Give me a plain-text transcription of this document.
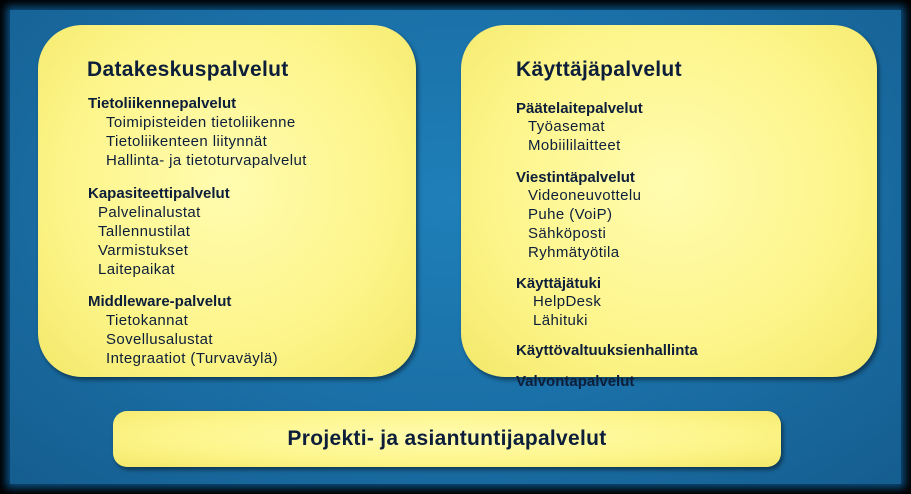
Datakeskuspalvelut
Tietoliikennepalvelut
Toimipisteiden tietoliikenne
Tietoliikenteen liitynnät
Hallinta- ja tietoturvapalvelut
Kapasiteettipalvelut
Palvelinalustat
Tallennustilat
Varmistukset
Laitepaikat
Middleware-palvelut
Tietokannat
Sovellusalustat
Integraatiot (Turvaväylä)
Käyttäjäpalvelut
Päätelaitepalvelut
Työasemat
Mobiililaitteet
Viestintäpalvelut
Videoneuvottelu
Puhe (VoiP)
Sähköposti
Ryhmätyötila
Käyttäjätuki
HelpDesk
Lähituki
Käyttövaltuuksienhallinta
Valvontapalvelut
Projekti- ja asiantuntijapalvelut
